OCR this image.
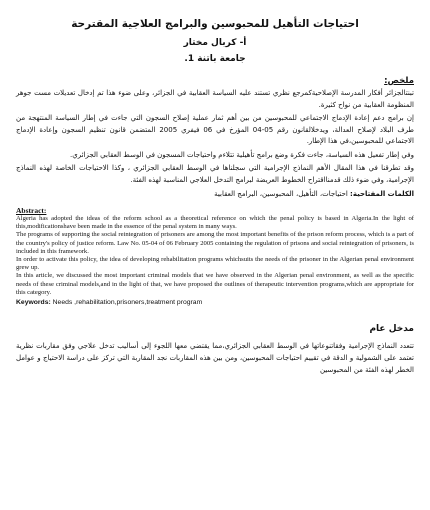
احتياجات التأهيل للمحبوسين والبرامج العلاجية المقترحة
أ- كربال مختار
جامعة باتنة 1.
ملخص:

تبنتالجزائر أفكار المدرسة الإصلاحيةكمرجع نظري تستند عليه السياسة العقابية في الجزائر، وعلى ضوء هذا تم إدخال تعديلات مست جوهر المنظومة العقابية من نواح كثيرة.

إن برامج دعم إعادة الإدماج الاجتماعي للمحبوسين من بين أهم ثمار عملية إصلاح السجون التي جاءت في إطار السياسة المنتهجة من طرف البلاد لإصلاح العدالة، ويدخلالقانون رقم 05-04 المؤرخ في 06 فيفري 2005 المتضمن قانون تنظيم السجون وإعادة الإدماج الاجتماعي للمحبوسين،في هذا الإطار.

وفي إطار تفعيل هذه السياسة، جاءت فكرة وضع برامج تأهيلية تتلاءم واحتياجات المسجون في الوسط العقابي الجزائري.

وقد تطرقنا في هذا المقال الأهم النماذج الإجرامية التي سجلناها في الوسط العقابي الجزائري ، وكذا الاحتياجات الخاصة لهذه النماذج الإجرامية، وفي ضوء ذلك قدمنااقتراح الخطوط العريضة لبرامج التدخل العلاجي المناسبة لهذه الفئة.

الكلمات المفتاحية: احتياجات، التأهيل، المحبوسين، البرامج العقابية
Abstract:

Algeria has adopted the ideas of the reform school as a theoretical reference on which the penal policy is based in Algeria.In the light of this,modificationshave been made in the essence of the penal system in many ways.

The programs of supporting the social reintegration of prisoners are among the most important benefits of the prison reform process, which is a part of the country's policy of justice reform. Law No. 05-04 of 06 February 2005 containing the regulation of prisons and social reintegration of prisoners, is included in this framework.

In order to activate this policy, the idea of developing rehabilitation programs whichsuits the needs of the prisoner in the Algerian penal environment grew up.

In this article, we discussed the most important criminal models that we have observed in the Algerian penal environment, as well as the specific needs of these criminal models,and in the light of that, we have proposed the outlines of therapeutic intervention programs,which are appropriate for this category.

Keywords: Needs ,rehabilitation,prisoners,treatment program
مدخل عام

تتعدد النماذج الإجرامية وفقاتنوعاتها في الوسط العقابي الجزائري،مما يقتضي معها اللجوء إلى أساليب تدخل علاجي وفق مقاربات نظرية تعتمد على الشمولية و الدقة في تقييم احتياجات المحبوسين، ومن بين هذه المقاربات نجد المقاربة التي تركز على دراسة الاحتياج و عوامل الخطر لهذه الفئة من المحبوسين
